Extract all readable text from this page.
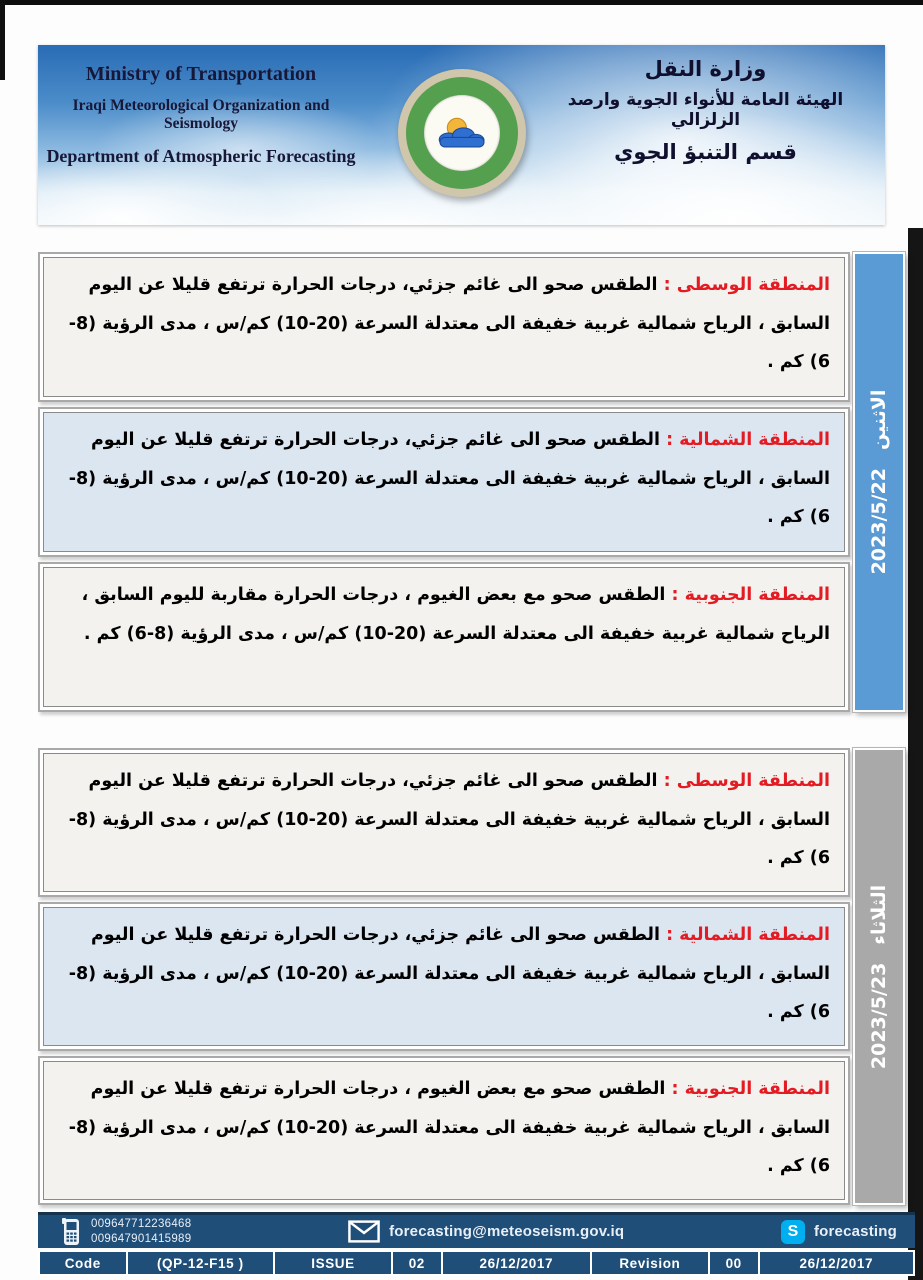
Ministry of Transportation
Iraqi Meteorological Organization and Seismology
Department of Atmospheric Forecasting
وزارة النقل
الهيئة العامة للأنواء الجوية وارصد الزلزالي
قسم التنبؤ الجوي

المنطقة الوسطى : الطقس صحو الى غائم جزئي، درجات الحرارة ترتفع قليلا عن اليوم السابق ، الرياح شمالية غربية خفيفة الى معتدلة السرعة (20-10) كم/س ، مدى الرؤية (8-6) كم .

المنطقة الشمالية : الطقس صحو الى غائم جزئي، درجات الحرارة ترتفع قليلا عن اليوم السابق ، الرياح شمالية غربية خفيفة الى معتدلة السرعة (20-10) كم/س ، مدى الرؤية (8-6) كم .

المنطقة الجنوبية : الطقس صحو مع بعض الغيوم ، درجات الحرارة مقاربة لليوم السابق ، الرياح شمالية غربية خفيفة الى معتدلة السرعة (20-10) كم/س ، مدى الرؤية (8-6) كم .

الاثنين2023/5/22

المنطقة الوسطى : الطقس صحو الى غائم جزئي، درجات الحرارة ترتفع قليلا عن اليوم السابق ، الرياح شمالية غربية خفيفة الى معتدلة السرعة (20-10) كم/س ، مدى الرؤية (8-6) كم .

المنطقة الشمالية : الطقس صحو الى غائم جزئي، درجات الحرارة ترتفع قليلا عن اليوم السابق ، الرياح شمالية غربية خفيفة الى معتدلة السرعة (20-10) كم/س ، مدى الرؤية (8-6) كم .

المنطقة الجنوبية : الطقس صحو مع بعض الغيوم ، درجات الحرارة ترتفع قليلا عن اليوم السابق ، الرياح شمالية غربية خفيفة الى معتدلة السرعة (20-10) كم/س ، مدى الرؤية (8-6) كم .

الثلاثاء2023/5/23
009647712236468
009647901415989	forecasting@meteoseism.gov.iq	S	forecasting
Code	(QP-12-F15 )	ISSUE	02	26/12/2017	Revision	00	26/12/2017
